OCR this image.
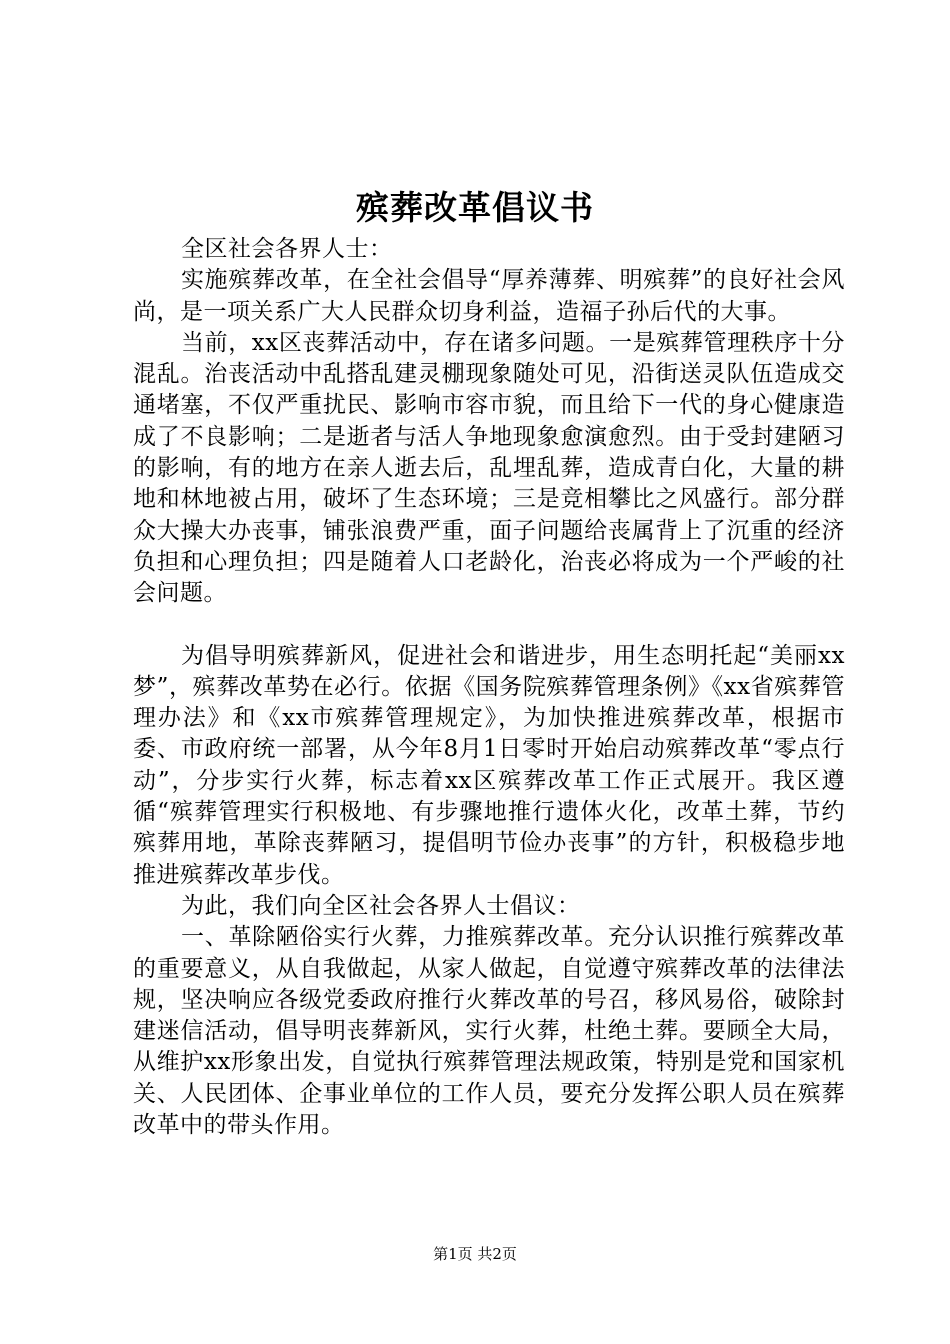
殡葬改革倡议书

全区社会各界人士：

实施殡葬改革，在全社会倡导“厚养薄葬、明殡葬”的良好社会风尚，是一项关系广大人民群众切身利益，造福子孙后代的大事。

当前，xx区丧葬活动中，存在诸多问题。一是殡葬管理秩序十分混乱。治丧活动中乱搭乱建灵棚现象随处可见，沿街送灵队伍造成交通堵塞，不仅严重扰民、影响市容市貌，而且给下一代的身心健康造成了不良影响；二是逝者与活人争地现象愈演愈烈。由于受封建陋习的影响，有的地方在亲人逝去后，乱埋乱葬，造成青白化，大量的耕地和林地被占用，破坏了生态环境；三是竞相攀比之风盛行。部分群众大操大办丧事，铺张浪费严重，面子问题给丧属背上了沉重的经济负担和心理负担；四是随着人口老龄化，治丧必将成为一个严峻的社会问题。

为倡导明殡葬新风，促进社会和谐进步，用生态明托起“美丽xx梦”，殡葬改革势在必行。依据《国务院殡葬管理条例》《xx省殡葬管理办法》和《xx市殡葬管理规定》，为加快推进殡葬改革，根据市委、市政府统一部署，从今年8月1日零时开始启动殡葬改革“零点行动”，分步实行火葬，标志着xx区殡葬改革工作正式展开。我区遵循“殡葬管理实行积极地、有步骤地推行遗体火化，改革土葬，节约殡葬用地，革除丧葬陋习，提倡明节俭办丧事”的方针，积极稳步地推进殡葬改革步伐。

为此，我们向全区社会各界人士倡议：

一、革除陋俗实行火葬，力推殡葬改革。充分认识推行殡葬改革的重要意义，从自我做起，从家人做起，自觉遵守殡葬改革的法律法规，坚决响应各级党委政府推行火葬改革的号召，移风易俗，破除封建迷信活动，倡导明丧葬新风，实行火葬，杜绝土葬。要顾全大局，从维护xx形象出发，自觉执行殡葬管理法规政策，特别是党和国家机关、人民团体、企事业单位的工作人员，要充分发挥公职人员在殡葬改革中的带头作用。

第1页 共2页
